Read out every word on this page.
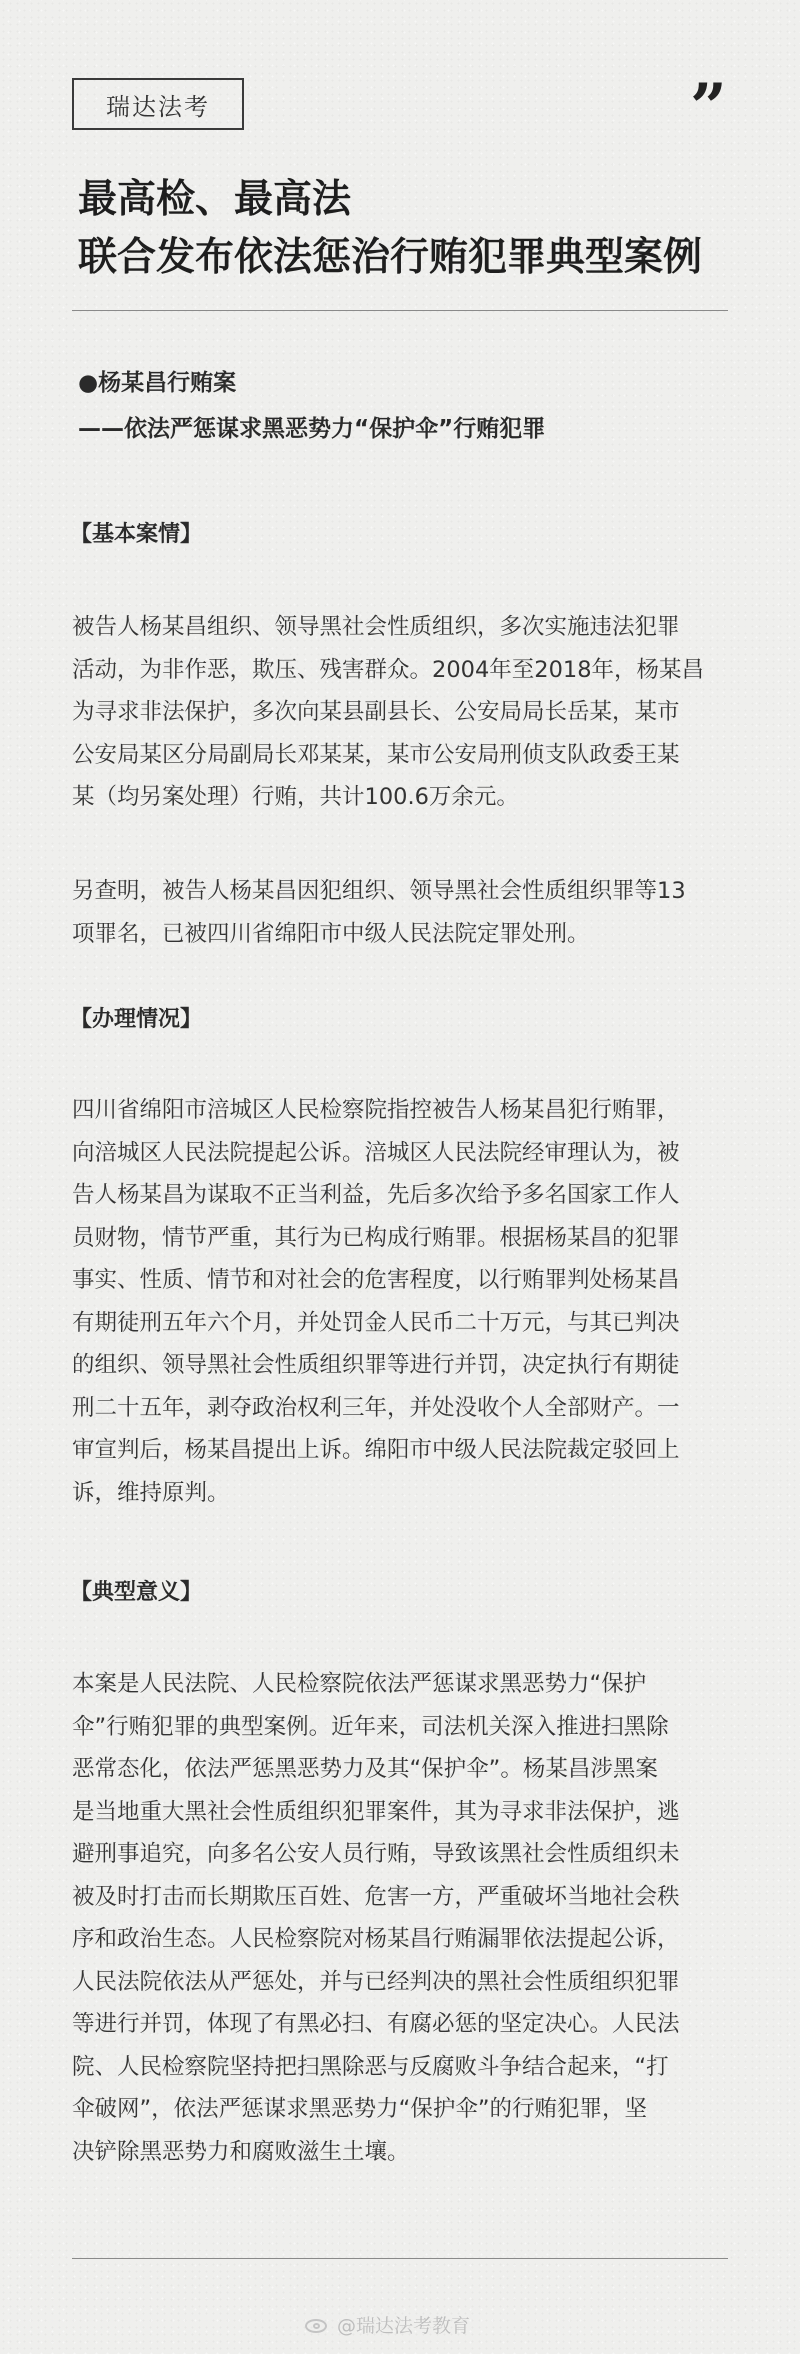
瑞达法考	”
最高检、最高法
联合发布依法惩治行贿犯罪典型案例
●杨某昌行贿案
——依法严惩谋求黑恶势力“保护伞”行贿犯罪
【基本案情】
被告人杨某昌组织、领导黑社会性质组织，多次实施违法犯罪
活动，为非作恶，欺压、残害群众。2004年至2018年，杨某昌
为寻求非法保护，多次向某县副县长、公安局局长岳某，某市
公安局某区分局副局长邓某某，某市公安局刑侦支队政委王某
某（均另案处理）行贿，共计100.6万余元。
另查明，被告人杨某昌因犯组织、领导黑社会性质组织罪等13
项罪名，已被四川省绵阳市中级人民法院定罪处刑。
【办理情况】
四川省绵阳市涪城区人民检察院指控被告人杨某昌犯行贿罪，
向涪城区人民法院提起公诉。涪城区人民法院经审理认为，被
告人杨某昌为谋取不正当利益，先后多次给予多名国家工作人
员财物，情节严重，其行为已构成行贿罪。根据杨某昌的犯罪
事实、性质、情节和对社会的危害程度，以行贿罪判处杨某昌
有期徒刑五年六个月，并处罚金人民币二十万元，与其已判决
的组织、领导黑社会性质组织罪等进行并罚，决定执行有期徒
刑二十五年，剥夺政治权利三年，并处没收个人全部财产。一
审宣判后，杨某昌提出上诉。绵阳市中级人民法院裁定驳回上
诉，维持原判。
【典型意义】
本案是人民法院、人民检察院依法严惩谋求黑恶势力“保护
伞”行贿犯罪的典型案例。近年来，司法机关深入推进扫黑除
恶常态化，依法严惩黑恶势力及其“保护伞”。杨某昌涉黑案
是当地重大黑社会性质组织犯罪案件，其为寻求非法保护，逃
避刑事追究，向多名公安人员行贿，导致该黑社会性质组织未
被及时打击而长期欺压百姓、危害一方，严重破坏当地社会秩
序和政治生态。人民检察院对杨某昌行贿漏罪依法提起公诉，
人民法院依法从严惩处，并与已经判决的黑社会性质组织犯罪
等进行并罚，体现了有黑必扫、有腐必惩的坚定决心。人民法
院、人民检察院坚持把扫黑除恶与反腐败斗争结合起来，“打
伞破网”，依法严惩谋求黑恶势力“保护伞”的行贿犯罪，坚
决铲除黑恶势力和腐败滋生土壤。
@瑞达法考教育
